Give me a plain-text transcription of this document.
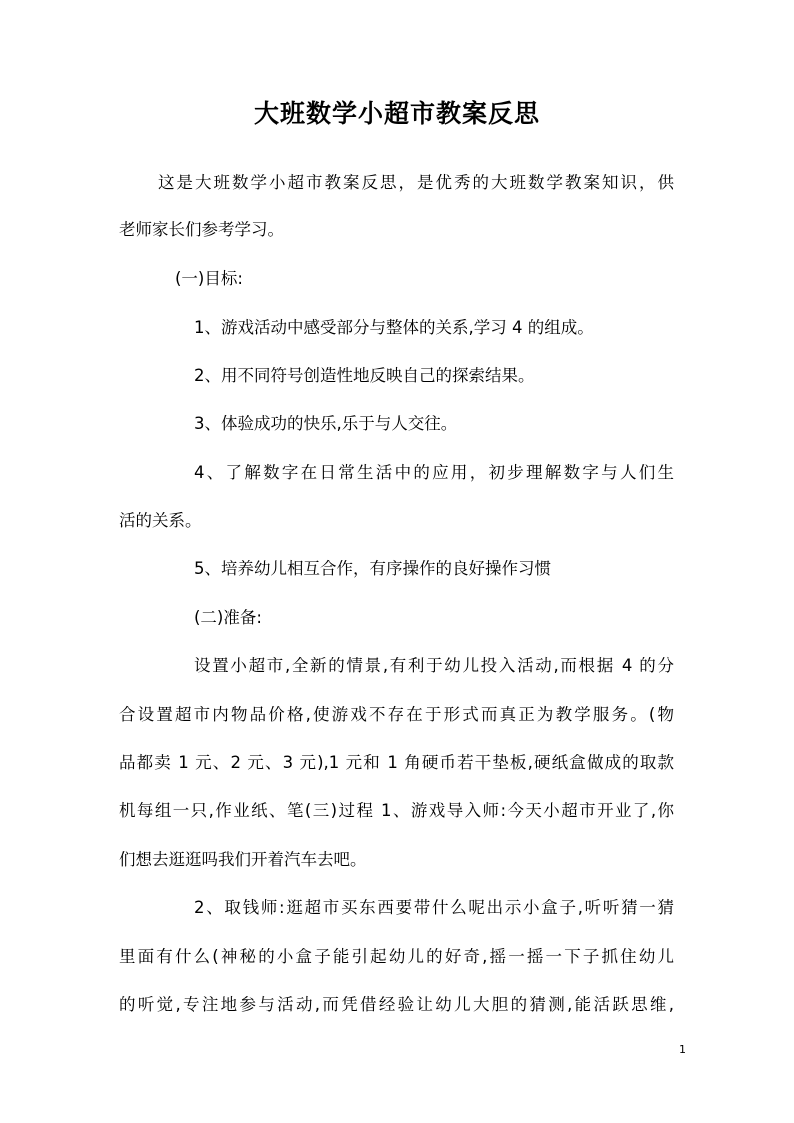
大班数学小超市教案反思
这是大班数学小超市教案反思，是优秀的大班数学教案知识，供
老师家长们参考学习。
(一)目标:
1、游戏活动中感受部分与整体的关系,学习 4 的组成。
2、用不同符号创造性地反映自己的探索结果。
3、体验成功的快乐,乐于与人交往。
4、了解数字在日常生活中的应用，初步理解数字与人们生
活的关系。
5、培养幼儿相互合作，有序操作的良好操作习惯
(二)准备:
设置小超市,全新的情景,有利于幼儿投入活动,而根据 4 的分
合设置超市内物品价格,使游戏不存在于形式而真正为教学服务。(物
品都卖 1 元、2 元、3 元),1 元和 1 角硬币若干垫板,硬纸盒做成的取款
机每组一只,作业纸、笔(三)过程 1、游戏导入师:今天小超市开业了,你
们想去逛逛吗我们开着汽车去吧。
2、取钱师:逛超市买东西要带什么呢出示小盒子,听听猜一猜
里面有什么(神秘的小盒子能引起幼儿的好奇,摇一摇一下子抓住幼儿
的听觉,专注地参与活动,而凭借经验让幼儿大胆的猜测,能活跃思维,
1
